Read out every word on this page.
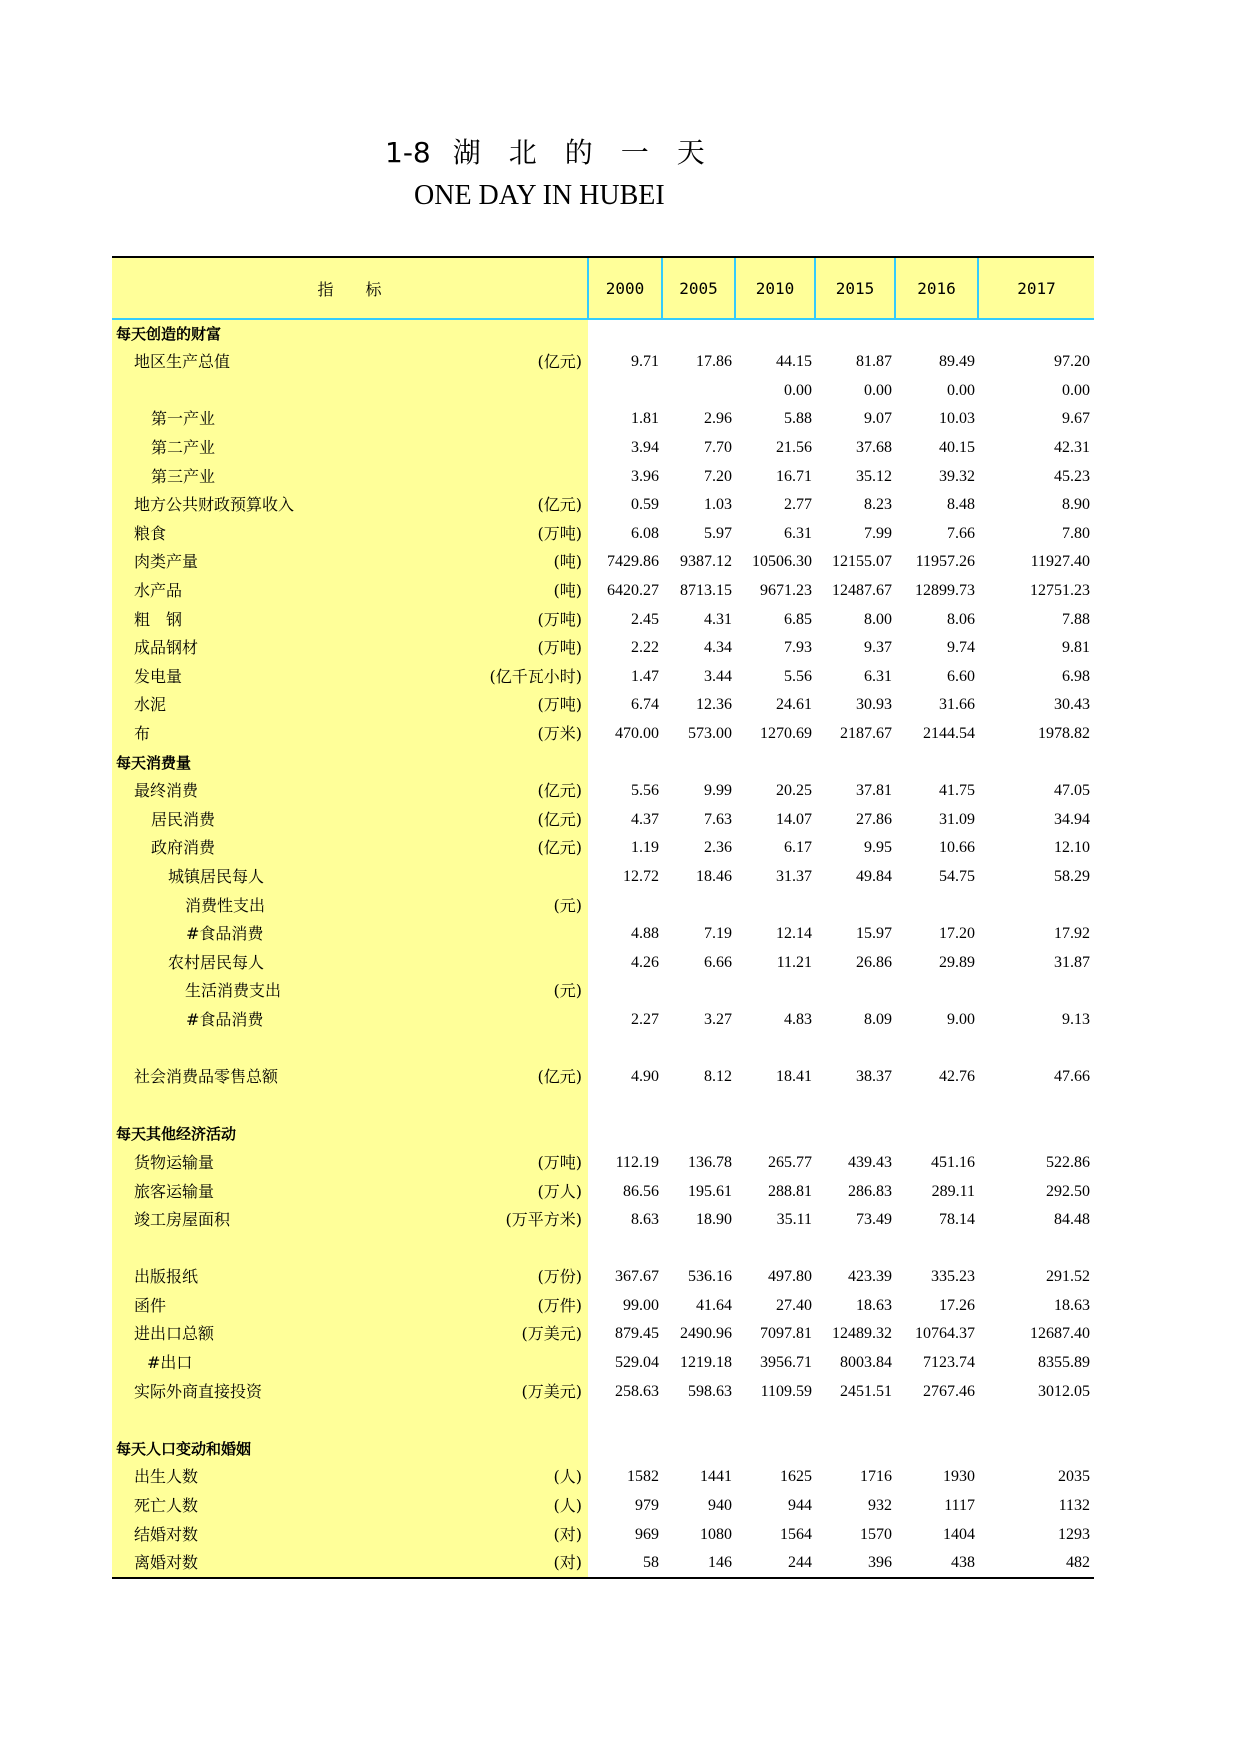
1-8 湖　北　的　一　天
ONE DAY IN HUBEI
指　　标		2000	2005	2010	2015	2016	2017
每天创造的财富							
地区生产总值	(亿元)	9.71	17.86	44.15	81.87	89.49	97.20
				0.00	0.00	0.00	0.00
第一产业		1.81	2.96	5.88	9.07	10.03	9.67
第二产业		3.94	7.70	21.56	37.68	40.15	42.31
第三产业		3.96	7.20	16.71	35.12	39.32	45.23
地方公共财政预算收入	(亿元)	0.59	1.03	2.77	8.23	8.48	8.90
粮食	(万吨)	6.08	5.97	6.31	7.99	7.66	7.80
肉类产量	(吨)	7429.86	9387.12	10506.30	12155.07	11957.26	11927.40
水产品	(吨)	6420.27	8713.15	9671.23	12487.67	12899.73	12751.23
粗　钢	(万吨)	2.45	4.31	6.85	8.00	8.06	7.88
成品钢材	(万吨)	2.22	4.34	7.93	9.37	9.74	9.81
发电量	(亿千瓦小时)	1.47	3.44	5.56	6.31	6.60	6.98
水泥	(万吨)	6.74	12.36	24.61	30.93	31.66	30.43
布	(万米)	470.00	573.00	1270.69	2187.67	2144.54	1978.82
每天消费量							
最终消费	(亿元)	5.56	9.99	20.25	37.81	41.75	47.05
居民消费	(亿元)	4.37	7.63	14.07	27.86	31.09	34.94
政府消费	(亿元)	1.19	2.36	6.17	9.95	10.66	12.10
城镇居民每人		12.72	18.46	31.37	49.84	54.75	58.29
消费性支出	(元)						
#食品消费		4.88	7.19	12.14	15.97	17.20	17.92
农村居民每人		4.26	6.66	11.21	26.86	29.89	31.87
生活消费支出	(元)						
#食品消费		2.27	3.27	4.83	8.09	9.00	9.13

社会消费品零售总额	(亿元)	4.90	8.12	18.41	38.37	42.76	47.66

每天其他经济活动							
货物运输量	(万吨)	112.19	136.78	265.77	439.43	451.16	522.86
旅客运输量	(万人)	86.56	195.61	288.81	286.83	289.11	292.50
竣工房屋面积	(万平方米)	8.63	18.90	35.11	73.49	78.14	84.48

出版报纸	(万份)	367.67	536.16	497.80	423.39	335.23	291.52
函件	(万件)	99.00	41.64	27.40	18.63	17.26	18.63
进出口总额	(万美元)	879.45	2490.96	7097.81	12489.32	10764.37	12687.40
#出口		529.04	1219.18	3956.71	8003.84	7123.74	8355.89
实际外商直接投资	(万美元)	258.63	598.63	1109.59	2451.51	2767.46	3012.05

每天人口变动和婚姻							
出生人数	(人)	1582	1441	1625	1716	1930	2035
死亡人数	(人)	979	940	944	932	1117	1132
结婚对数	(对)	969	1080	1564	1570	1404	1293
离婚对数	(对)	58	146	244	396	438	482
